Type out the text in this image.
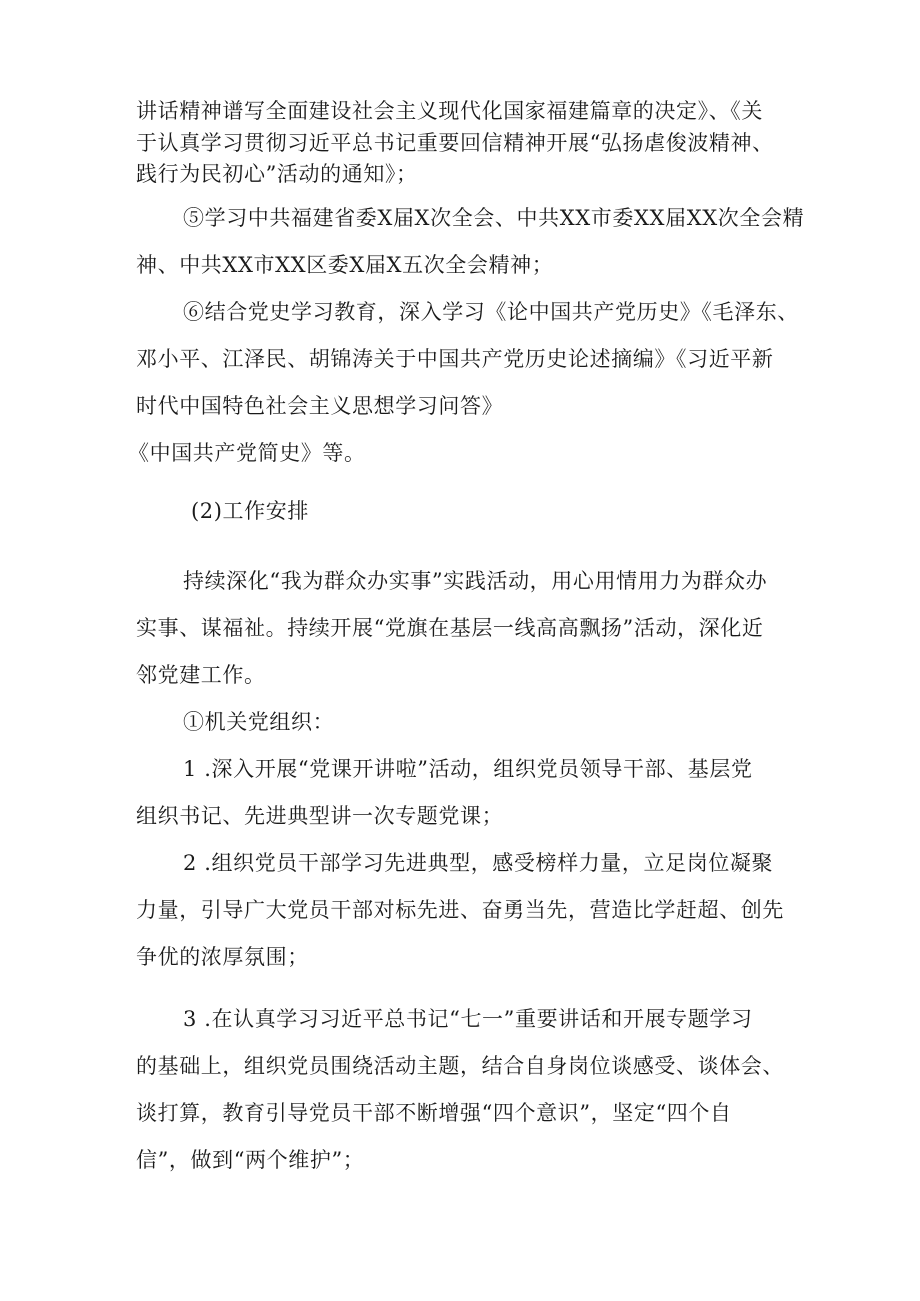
讲话精神谱写全面建设社会主义现代化国家福建篇章的决定》、《关
于认真学习贯彻习近平总书记重要回信精神开展“弘扬虐俊波精神、
践行为民初心”活动的通知》；
⑤学习中共福建省委X届X次全会、中共XX市委XX届XX次全会精
神、中共XX市XX区委X届X五次全会精神；
⑥结合党史学习教育，深入学习《论中国共产党历史》《毛泽东、
邓小平、江泽民、胡锦涛关于中国共产党历史论述摘编》《习近平新
时代中国特色社会主义思想学习问答》
《中国共产党简史》等。
(2)工作安排
持续深化“我为群众办实事”实践活动，用心用情用力为群众办
实事、谋福祉。持续开展“党旗在基层一线高高飘扬”活动，深化近
邻党建工作。
①机关党组织：
1 .深入开展“党课开讲啦”活动，组织党员领导干部、基层党
组织书记、先进典型讲一次专题党课；
2 .组织党员干部学习先进典型，感受榜样力量，立足岗位凝聚
力量，引导广大党员干部对标先进、奋勇当先，营造比学赶超、创先
争优的浓厚氛围；
3 .在认真学习习近平总书记“七一”重要讲话和开展专题学习
的基础上，组织党员围绕活动主题，结合自身岗位谈感受、谈体会、
谈打算，教育引导党员干部不断增强“四个意识”，坚定“四个自
信”，做到“两个维护”；
